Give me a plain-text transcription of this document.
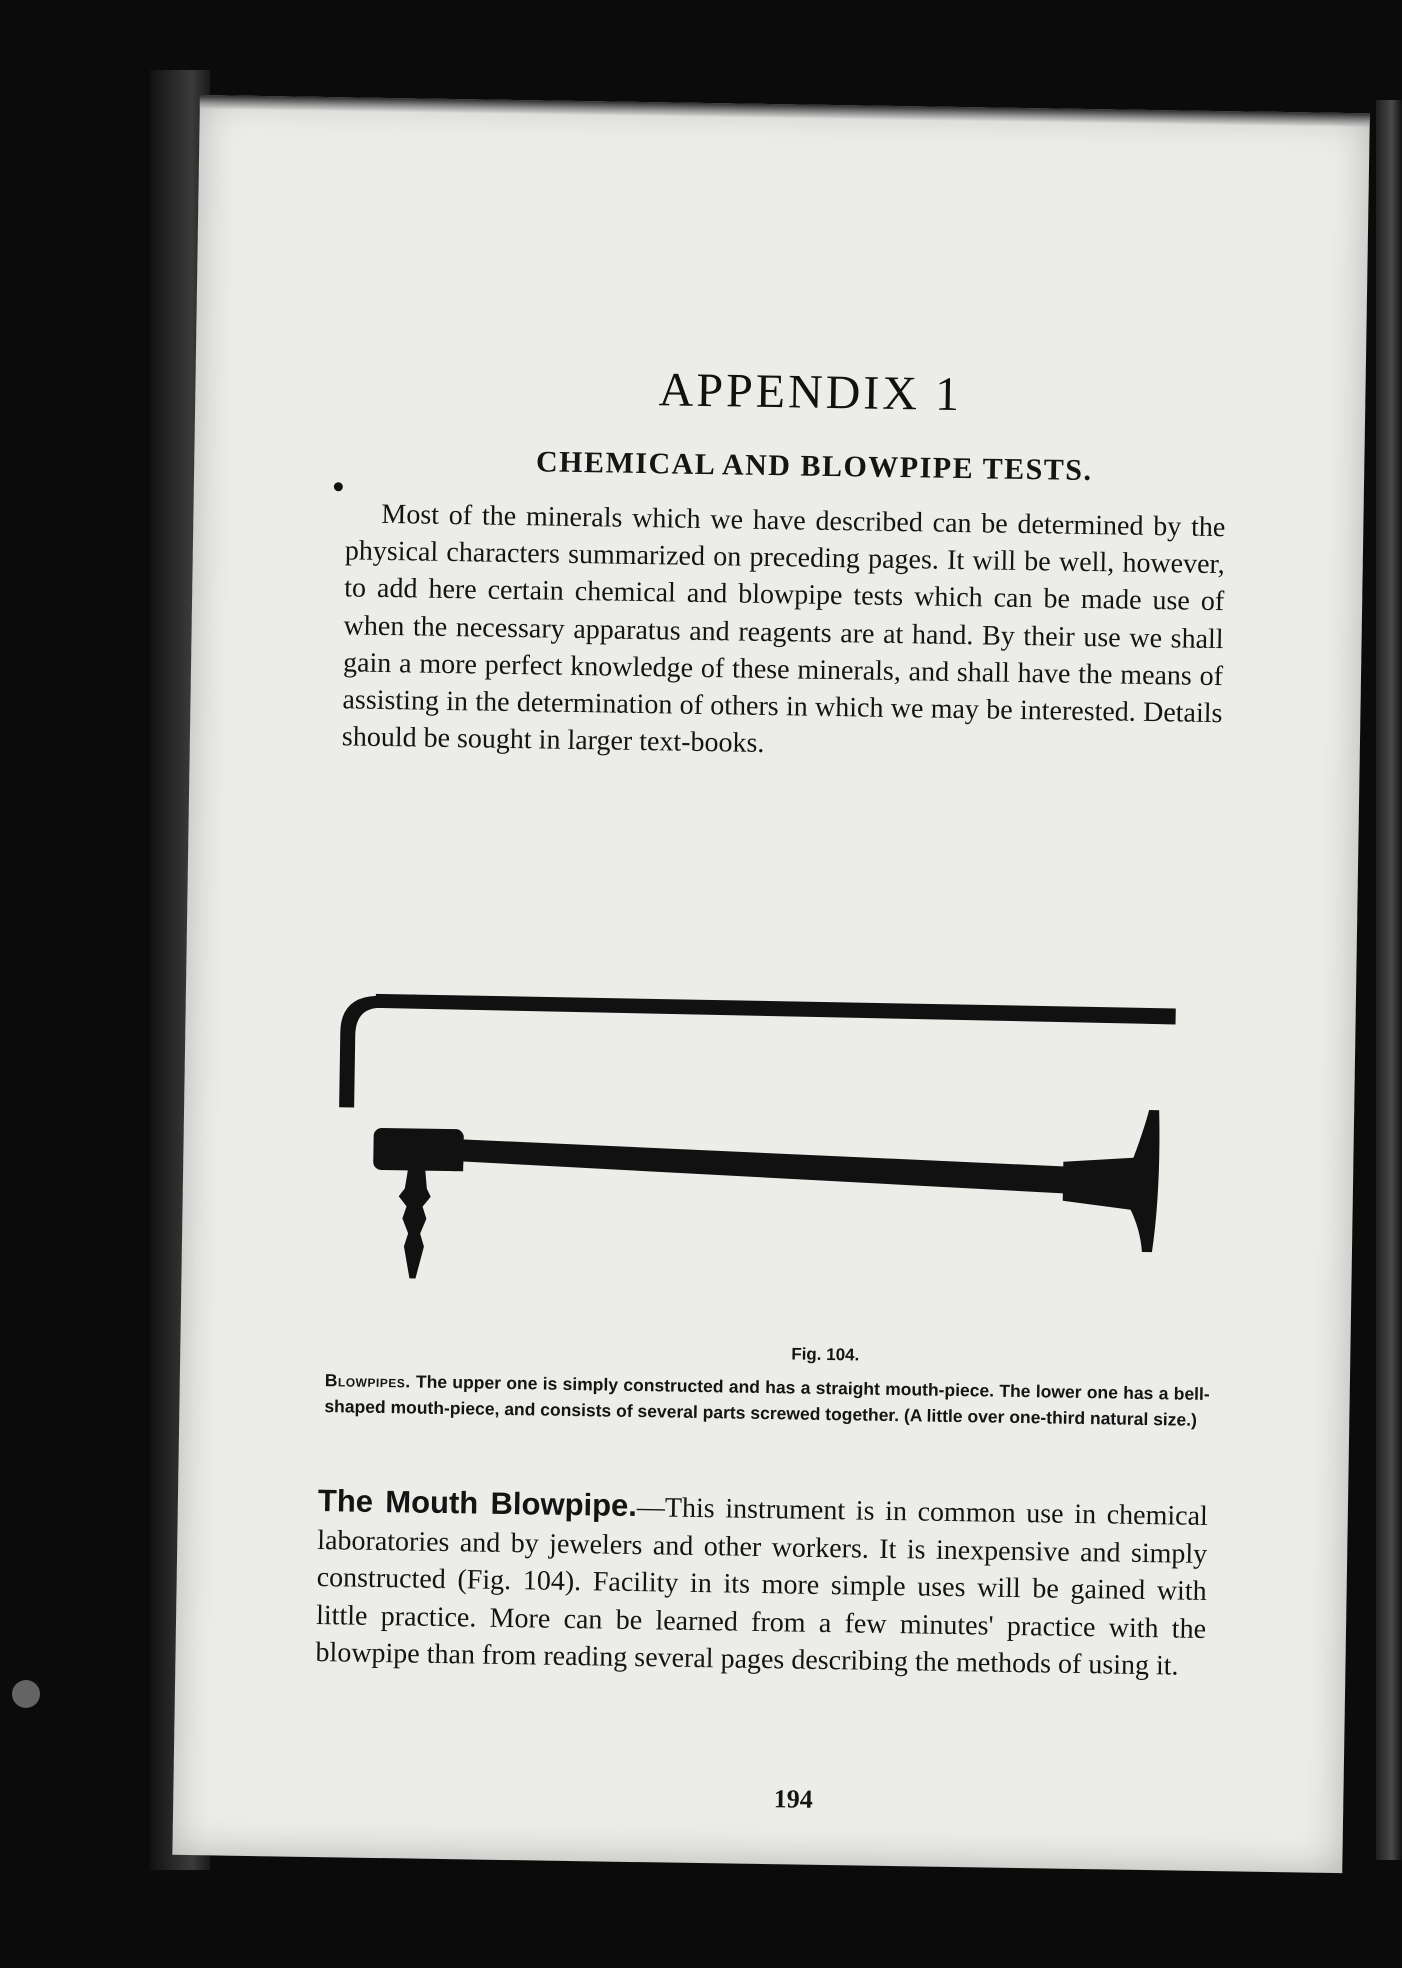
APPENDIX 1
CHEMICAL AND BLOWPIPE TESTS.

Most of the minerals which we have described can be determined by the physical characters summarized on preceding pages. It will be well, however, to add here certain chemical and blowpipe tests which can be made use of when the necessary apparatus and reagents are at hand. By their use we shall gain a more perfect knowledge of these minerals, and shall have the means of assisting in the determination of others in which we may be interested. Details should be sought in larger text-books.

Fig. 104.

Blowpipes. The upper one is simply constructed and has a straight mouth-piece. The lower one has a bell-shaped mouth-piece, and consists of several parts screwed together. (A little over one-third natural size.)

The Mouth Blowpipe.—This instrument is in common use in chemical laboratories and by jewelers and other workers. It is inexpensive and simply constructed (Fig. 104). Facility in its more simple uses will be gained with little practice. More can be learned from a few minutes' practice with the blowpipe than from reading several pages describing the methods of using it.

194
